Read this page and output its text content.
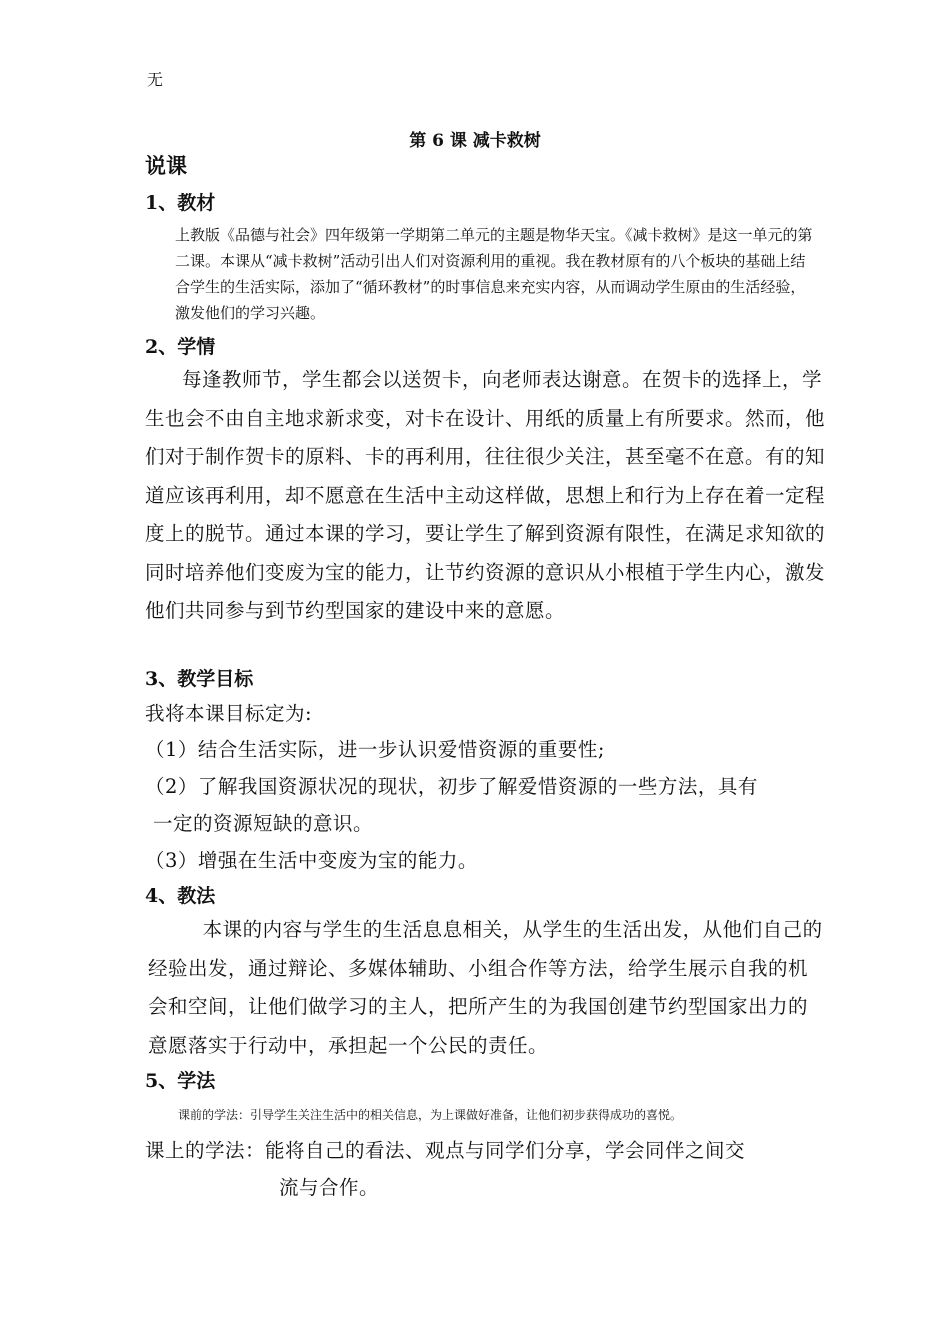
无
第 6 课 减卡救树
说课
1、教材
上教版《品德与社会》四年级第一学期第二单元的主题是物华天宝。《减卡救树》是这一单元的第二课。本课从“减卡救树”活动引出人们对资源利用的重视。我在教材原有的八个板块的基础上结合学生的生活实际，添加了“循环教材”的时事信息来充实内容，从而调动学生原由的生活经验，激发他们的学习兴趣。
2、学情
每逢教师节，学生都会以送贺卡，向老师表达谢意。在贺卡的选择上，学生也会不由自主地求新求变，对卡在设计、用纸的质量上有所要求。然而，他们对于制作贺卡的原料、卡的再利用，往往很少关注，甚至毫不在意。有的知道应该再利用，却不愿意在生活中主动这样做，思想上和行为上存在着一定程度上的脱节。通过本课的学习，要让学生了解到资源有限性，在满足求知欲的同时培养他们变废为宝的能力，让节约资源的意识从小根植于学生内心，激发他们共同参与到节约型国家的建设中来的意愿。
3、教学目标
我将本课目标定为:
（1）结合生活实际，进一步认识爱惜资源的重要性;
（2）了解我国资源状况的现状，初步了解爱惜资源的一些方法，具有
一定的资源短缺的意识。
（3）增强在生活中变废为宝的能力。
4、教法
本课的内容与学生的生活息息相关，从学生的生活出发，从他们自己的经验出发，通过辩论、多媒体辅助、小组合作等方法，给学生展示自我的机会和空间，让他们做学习的主人，把所产生的为我国创建节约型国家出力的意愿落实于行动中，承担起一个公民的责任。
5、学法
课前的学法：引导学生关注生活中的相关信息，为上课做好准备，让他们初步获得成功的喜悦。
课上的学法：能将自己的看法、观点与同学们分享，学会同伴之间交
流与合作。
